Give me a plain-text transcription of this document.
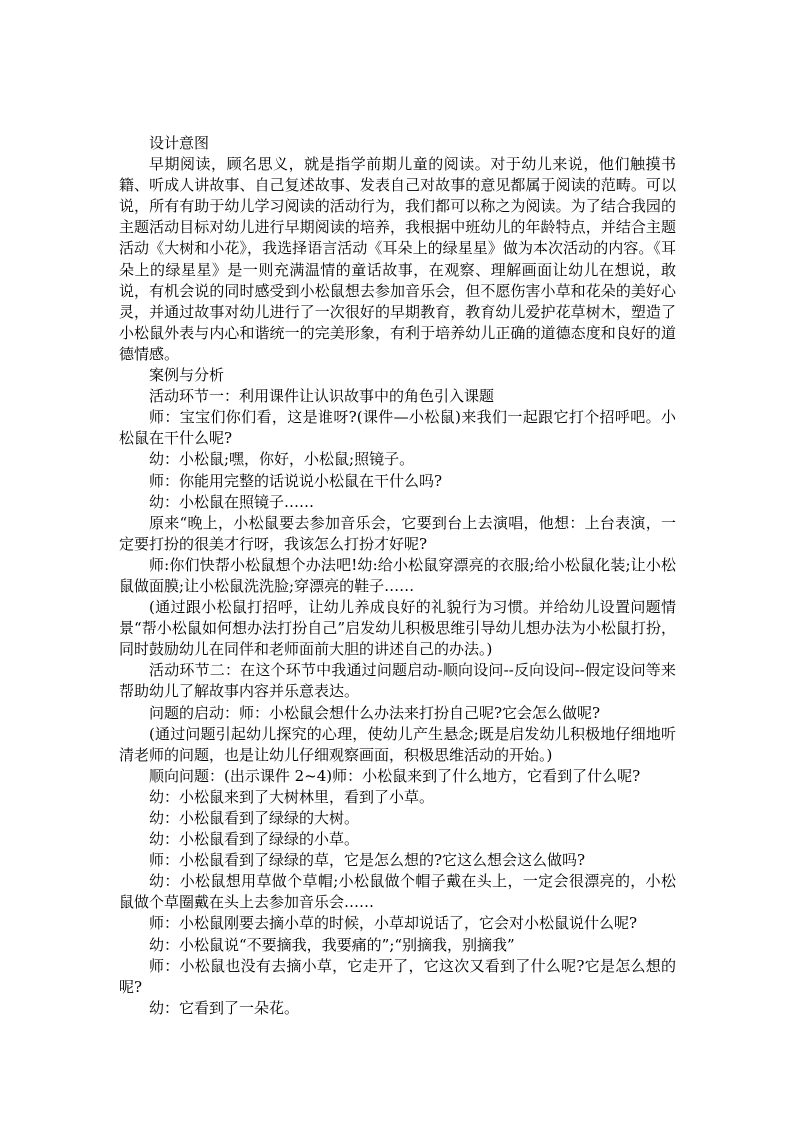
设计意图

早期阅读，顾名思义，就是指学前期儿童的阅读。对于幼儿来说，他们触摸书籍、听成人讲故事、自己复述故事、发表自己对故事的意见都属于阅读的范畴。可以说，所有有助于幼儿学习阅读的活动行为，我们都可以称之为阅读。为了结合我园的主题活动目标对幼儿进行早期阅读的培养，我根据中班幼儿的年龄特点，并结合主题活动《大树和小花》，我选择语言活动《耳朵上的绿星星》做为本次活动的内容。《耳朵上的绿星星》是一则充满温情的童话故事，在观察、理解画面让幼儿在想说，敢说，有机会说的同时感受到小松鼠想去参加音乐会，但不愿伤害小草和花朵的美好心灵，并通过故事对幼儿进行了一次很好的早期教育，教育幼儿爱护花草树木，塑造了小松鼠外表与内心和谐统一的完美形象，有利于培养幼儿正确的道德态度和良好的道德情感。

案例与分析

活动环节一：利用课件让认识故事中的角色引入课题

师：宝宝们你们看，这是谁呀?(课件—小松鼠)来我们一起跟它打个招呼吧。小松鼠在干什么呢?

幼：小松鼠;嘿，你好，小松鼠;照镜子。

师：你能用完整的话说说小松鼠在干什么吗?

幼：小松鼠在照镜子……

原来“晚上，小松鼠要去参加音乐会，它要到台上去演唱，他想：上台表演，一定要打扮的很美才行呀，我该怎么打扮才好呢?

师:你们快帮小松鼠想个办法吧!幼:给小松鼠穿漂亮的衣服;给小松鼠化装;让小松鼠做面膜;让小松鼠洗洗脸;穿漂亮的鞋子……

(通过跟小松鼠打招呼，让幼儿养成良好的礼貌行为习惯。并给幼儿设置问题情景“帮小松鼠如何想办法打扮自己”启发幼儿积极思维引导幼儿想办法为小松鼠打扮，同时鼓励幼儿在同伴和老师面前大胆的讲述自己的办法。)

活动环节二：在这个环节中我通过问题启动-顺向设问--反向设问--假定设问等来帮助幼儿了解故事内容并乐意表达。

问题的启动：师：小松鼠会想什么办法来打扮自己呢?它会怎么做呢?

(通过问题引起幼儿探究的心理，使幼儿产生悬念;既是启发幼儿积极地仔细地听清老师的问题，也是让幼儿仔细观察画面，积极思维活动的开始。)

顺向问题：(出示课件 2~4)师：小松鼠来到了什么地方，它看到了什么呢?

幼：小松鼠来到了大树林里，看到了小草。

幼：小松鼠看到了绿绿的大树。

幼：小松鼠看到了绿绿的小草。

师：小松鼠看到了绿绿的草，它是怎么想的?它这么想会这么做吗?

幼：小松鼠想用草做个草帽;小松鼠做个帽子戴在头上，一定会很漂亮的，小松鼠做个草圈戴在头上去参加音乐会……

师：小松鼠刚要去摘小草的时候，小草却说话了，它会对小松鼠说什么呢?

幼：小松鼠说“不要摘我，我要痛的”;“别摘我，别摘我”

师：小松鼠也没有去摘小草，它走开了，它这次又看到了什么呢?它是怎么想的呢?

幼：它看到了一朵花。
